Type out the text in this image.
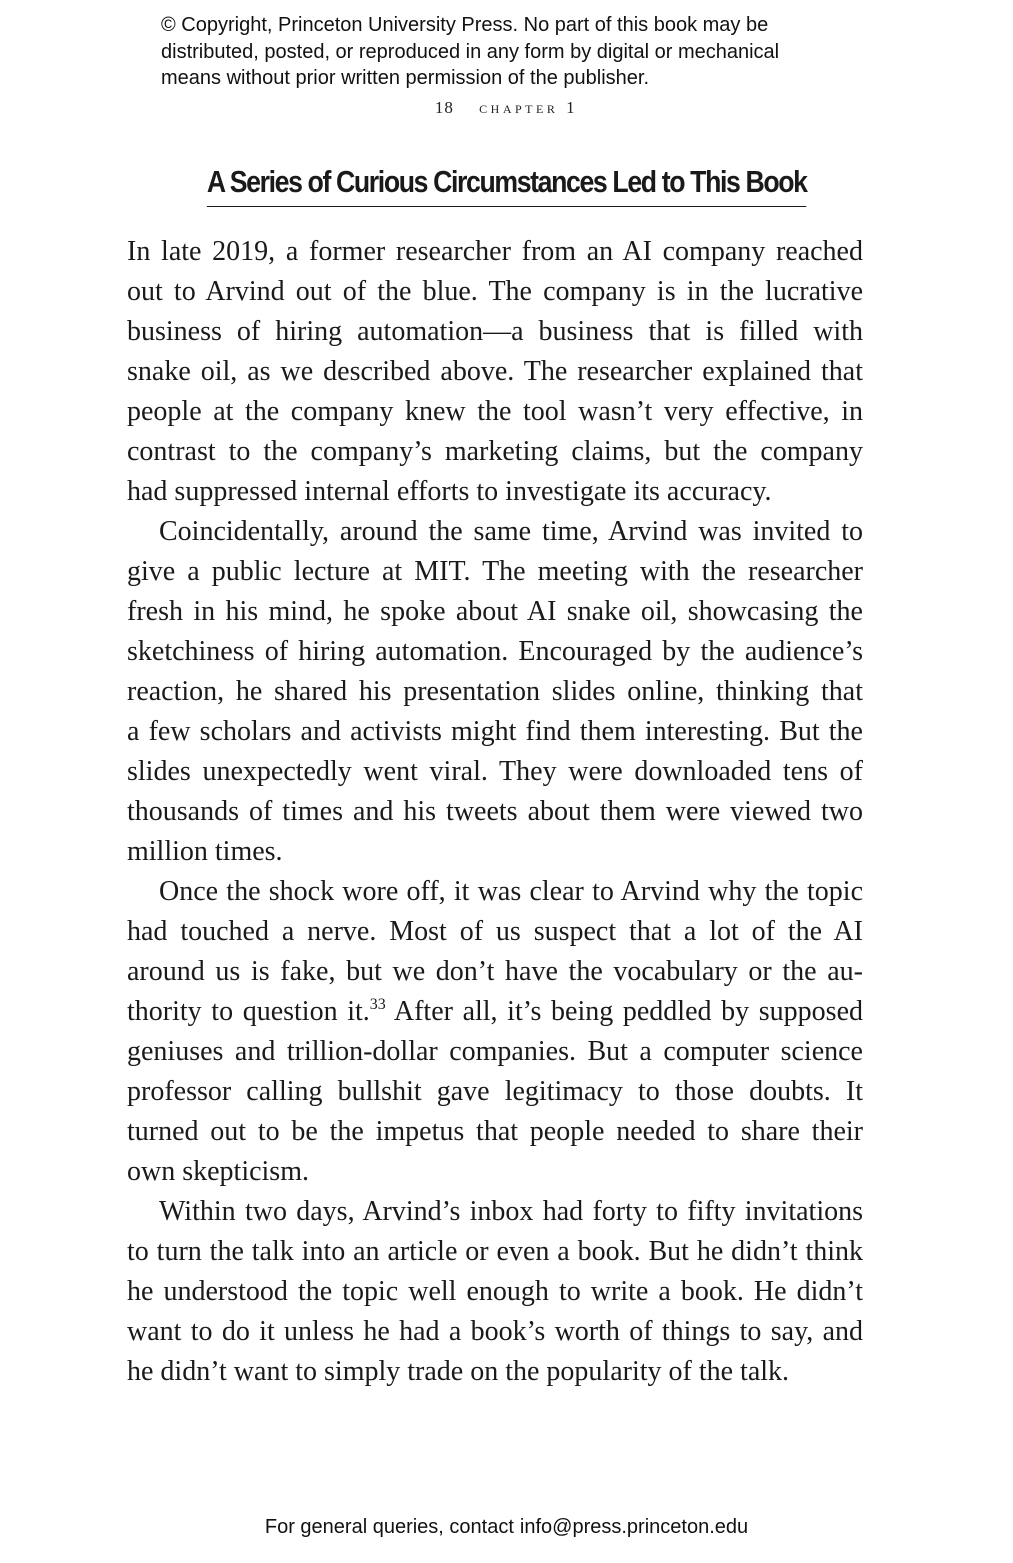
© Copyright, Princeton University Press. No part of this book may be
distributed, posted, or reproduced in any form by digital or mechanical
means without prior written permission of the publisher.
18 chapter 1
A Series of Curious Circumstances Led to This Book
In late 2019, a former researcher from an AI company reached
out to Arvind out of the blue. The company is in the lucrative
business of hiring automation—a business that is filled with
snake oil, as we described above. The researcher explained that
people at the company knew the tool wasn’t very effective, in
contrast to the company’s marketing claims, but the company
had suppressed internal efforts to investigate its accuracy.
Coincidentally, around the same time, Arvind was invited to
give a public lecture at MIT. The meeting with the researcher
fresh in his mind, he spoke about AI snake oil, showcasing the
sketchiness of hiring automation. Encouraged by the audience’s
reaction, he shared his presentation slides online, thinking that
a few scholars and activists might find them interesting. But the
slides unexpectedly went viral. They were downloaded tens of
thousands of times and his tweets about them were viewed two
million times.
Once the shock wore off, it was clear to Arvind why the topic
had touched a nerve. Most of us suspect that a lot of the AI
around us is fake, but we don’t have the vocabulary or the au-
thority to question it.$^{33}$ After all, it’s being peddled by supposed
geniuses and trillion-dollar companies. But a computer science
professor calling bullshit gave legitimacy to those doubts. It
turned out to be the impetus that people needed to share their
own skepticism.
Within two days, Arvind’s inbox had forty to fifty invitations
to turn the talk into an article or even a book. But he didn’t think
he understood the topic well enough to write a book. He didn’t
want to do it unless he had a book’s worth of things to say, and
he didn’t want to simply trade on the popularity of the talk.
For general queries, contact info@press.princeton.edu
